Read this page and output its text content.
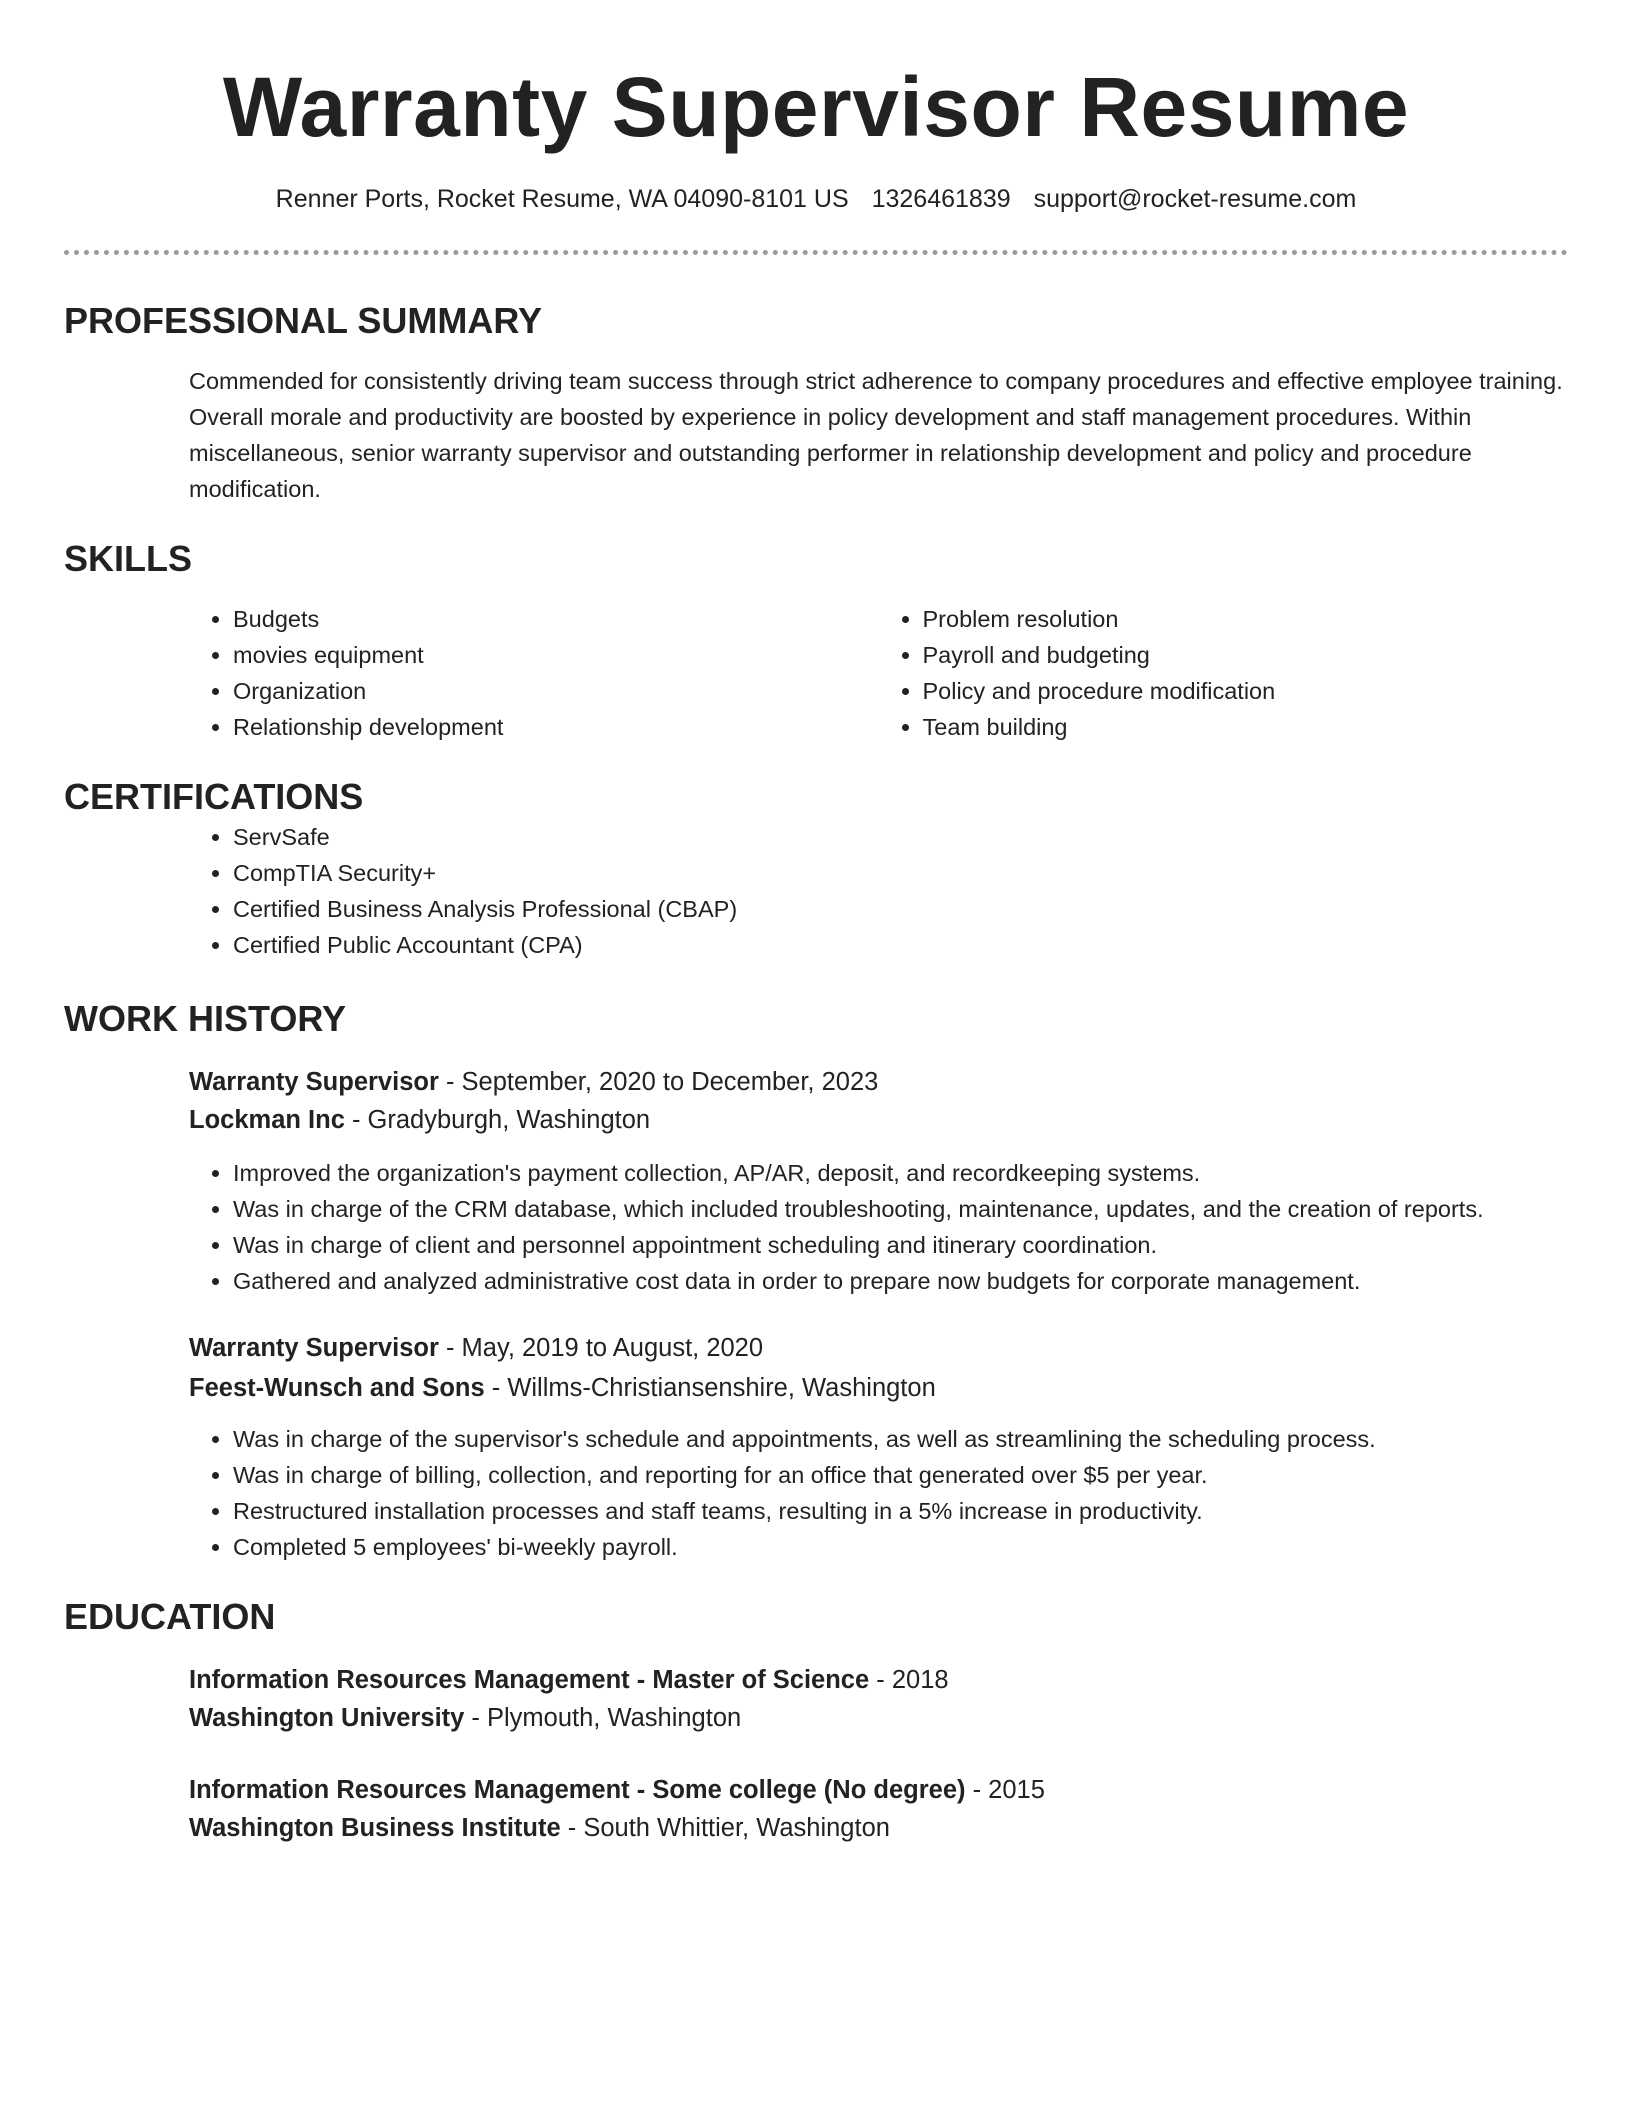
Warranty Supervisor Resume
Renner Ports, Rocket Resume, WA 04090-8101 US 1326461839 support@rocket-resume.com
PROFESSIONAL SUMMARY
Commended for consistently driving team success through strict adherence to company procedures and effective employee training. Overall morale and productivity are boosted by experience in policy development and staff management procedures. Within miscellaneous, senior warranty supervisor and outstanding performer in relationship development and policy and procedure modification.
SKILLS
• Budgets
• movies equipment
• Organization
• Relationship development
• Problem resolution
• Payroll and budgeting
• Policy and procedure modification
• Team building
CERTIFICATIONS
• ServSafe
• CompTIA Security+
• Certified Business Analysis Professional (CBAP)
• Certified Public Accountant (CPA)
WORK HISTORY
Warranty Supervisor - September, 2020 to December, 2023
Lockman Inc - Gradyburgh, Washington
• Improved the organization's payment collection, AP/AR, deposit, and recordkeeping systems.
• Was in charge of the CRM database, which included troubleshooting, maintenance, updates, and the creation of reports.
• Was in charge of client and personnel appointment scheduling and itinerary coordination.
• Gathered and analyzed administrative cost data in order to prepare now budgets for corporate management.
Warranty Supervisor - May, 2019 to August, 2020
Feest-Wunsch and Sons - Willms-Christiansenshire, Washington
• Was in charge of the supervisor's schedule and appointments, as well as streamlining the scheduling process.
• Was in charge of billing, collection, and reporting for an office that generated over $5 per year.
• Restructured installation processes and staff teams, resulting in a 5% increase in productivity.
• Completed 5 employees' bi-weekly payroll.
EDUCATION
Information Resources Management - Master of Science - 2018
Washington University - Plymouth, Washington
Information Resources Management - Some college (No degree) - 2015
Washington Business Institute - South Whittier, Washington
